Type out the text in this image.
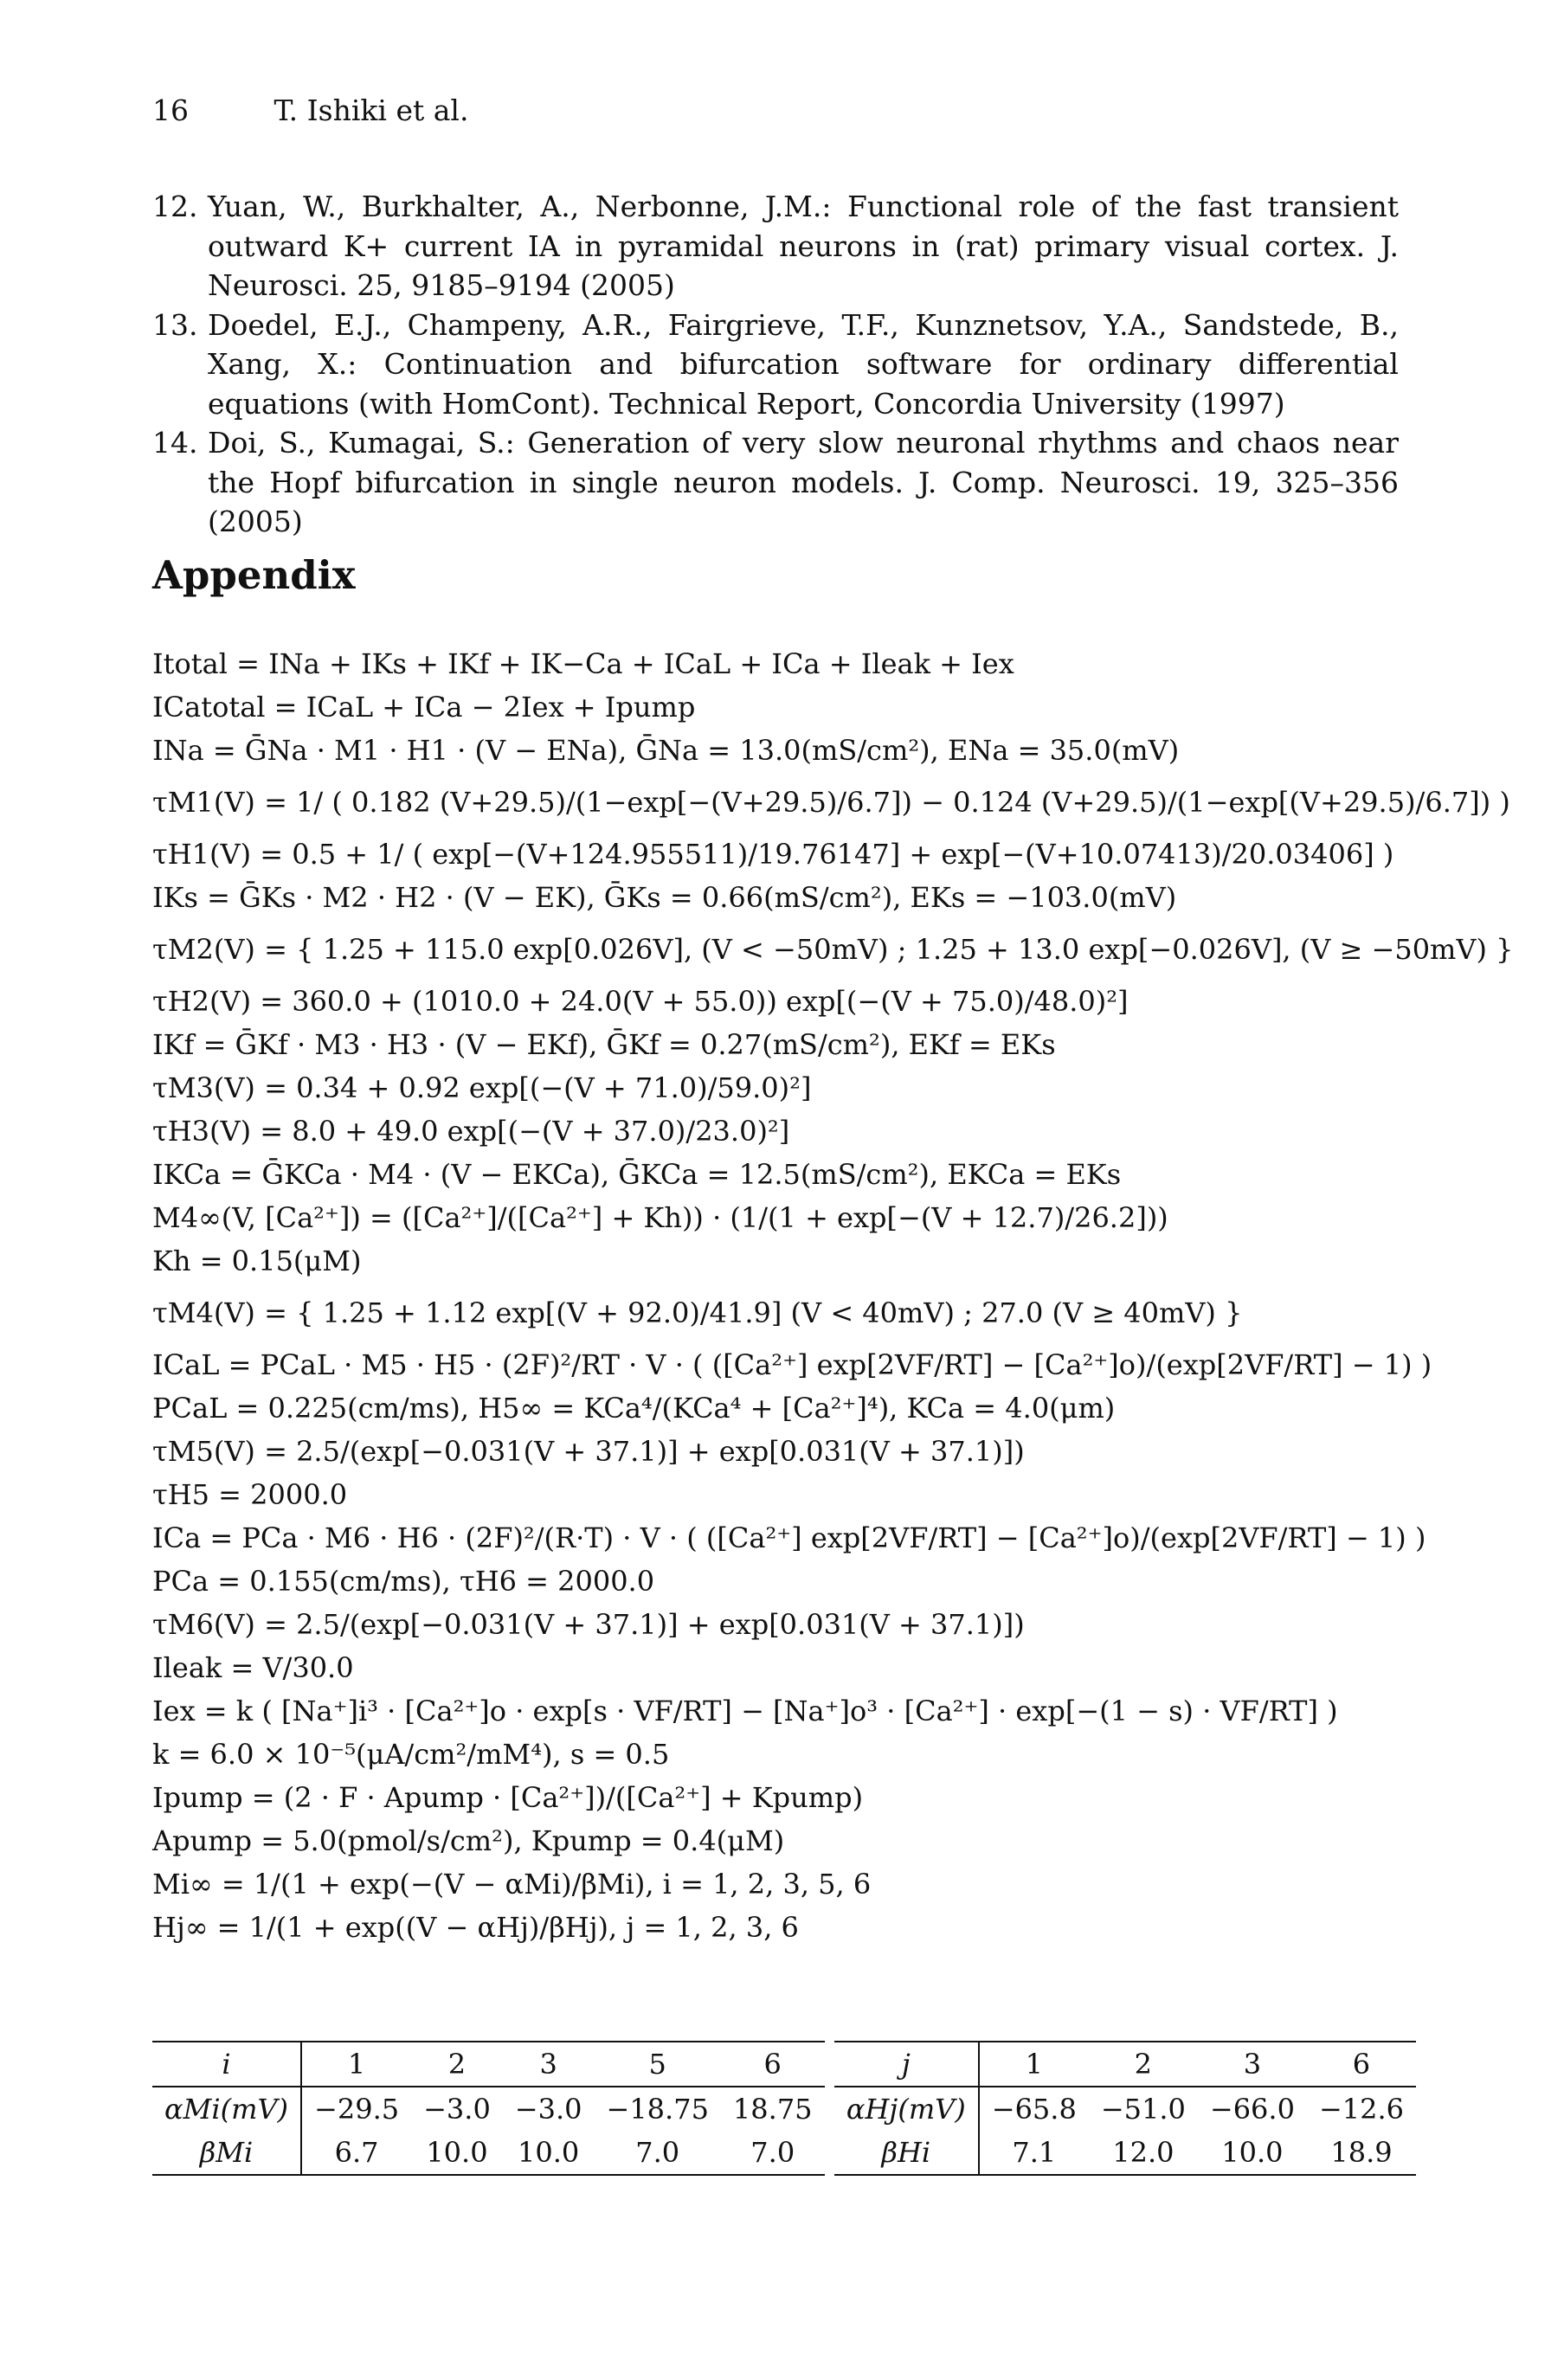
16	T. Ishiki et al.
12. Yuan, W., Burkhalter, A., Nerbonne, J.M.: Functional role of the fast transient outward K+ current IA in pyramidal neurons in (rat) primary visual cortex. J. Neurosci. 25, 9185–9194 (2005)
13. Doedel, E.J., Champeny, A.R., Fairgrieve, T.F., Kunznetsov, Y.A., Sandstede, B., Xang, X.: Continuation and bifurcation software for ordinary differential equations (with HomCont). Technical Report, Concordia University (1997)
14. Doi, S., Kumagai, S.: Generation of very slow neuronal rhythms and chaos near the Hopf bifurcation in single neuron models. J. Comp. Neurosci. 19, 325–356 (2005)
Appendix
Itotal = INa + IKs + IKf + IK−Ca + ICaL + ICa + Ileak + Iex
ICatotal = ICaL + ICa − 2Iex + Ipump
INa = ḠNa · M1 · H1 · (V − ENa), ḠNa = 13.0(mS/cm²), ENa = 35.0(mV)
τM1(V) = 1/ ( 0.182 (V+29.5)/(1−exp[−(V+29.5)/6.7]) − 0.124 (V+29.5)/(1−exp[(V+29.5)/6.7]) )
τH1(V) = 0.5 + 1/ ( exp[−(V+124.955511)/19.76147] + exp[−(V+10.07413)/20.03406] )
IKs = ḠKs · M2 · H2 · (V − EK), ḠKs = 0.66(mS/cm²), EKs = −103.0(mV)
τM2(V) = { 1.25 + 115.0 exp[0.026V], (V < −50mV) ; 1.25 + 13.0 exp[−0.026V], (V ≥ −50mV) }
τH2(V) = 360.0 + (1010.0 + 24.0(V + 55.0)) exp[(−(V + 75.0)/48.0)²]
IKf = ḠKf · M3 · H3 · (V − EKf), ḠKf = 0.27(mS/cm²), EKf = EKs
τM3(V) = 0.34 + 0.92 exp[(−(V + 71.0)/59.0)²]
τH3(V) = 8.0 + 49.0 exp[(−(V + 37.0)/23.0)²]
IKCa = ḠKCa · M4 · (V − EKCa), ḠKCa = 12.5(mS/cm²), EKCa = EKs
M4∞(V, [Ca²⁺]) = ([Ca²⁺]/([Ca²⁺] + Kh)) · (1/(1 + exp[−(V + 12.7)/26.2]))
Kh = 0.15(μM)
τM4(V) = { 1.25 + 1.12 exp[(V + 92.0)/41.9] (V < 40mV) ; 27.0 (V ≥ 40mV) }
ICaL = PCaL · M5 · H5 · (2F)²/RT · V · ( ([Ca²⁺] exp[2VF/RT] − [Ca²⁺]o)/(exp[2VF/RT] − 1) )
PCaL = 0.225(cm/ms), H5∞ = KCa⁴/(KCa⁴ + [Ca²⁺]⁴), KCa = 4.0(μm)
τM5(V) = 2.5/(exp[−0.031(V + 37.1)] + exp[0.031(V + 37.1)])
τH5 = 2000.0
ICa = PCa · M6 · H6 · (2F)²/(R·T) · V · ( ([Ca²⁺] exp[2VF/RT] − [Ca²⁺]o)/(exp[2VF/RT] − 1) )
PCa = 0.155(cm/ms), τH6 = 2000.0
τM6(V) = 2.5/(exp[−0.031(V + 37.1)] + exp[0.031(V + 37.1)])
Ileak = V/30.0
Iex = k ( [Na⁺]i³ · [Ca²⁺]o · exp[s · VF/RT] − [Na⁺]o³ · [Ca²⁺] · exp[−(1 − s) · VF/RT] )
k = 6.0 × 10⁻⁵(μA/cm²/mM⁴), s = 0.5
Ipump = (2 · F · Apump · [Ca²⁺])/([Ca²⁺] + Kpump)
Apump = 5.0(pmol/s/cm²), Kpump = 0.4(μM)
Mi∞ = 1/(1 + exp(−(V − αMi)/βMi), i = 1, 2, 3, 5, 6
Hj∞ = 1/(1 + exp((V − αHj)/βHj), j = 1, 2, 3, 6
i	1	2	3	5	6
αMi(mV)	−29.5	−3.0	−3.0	−18.75	18.75
βMi	6.7	10.0	10.0	7.0	7.0
j	1	2	3	6
αHj(mV)	−65.8	−51.0	−66.0	−12.6
βHi	7.1	12.0	10.0	18.9
